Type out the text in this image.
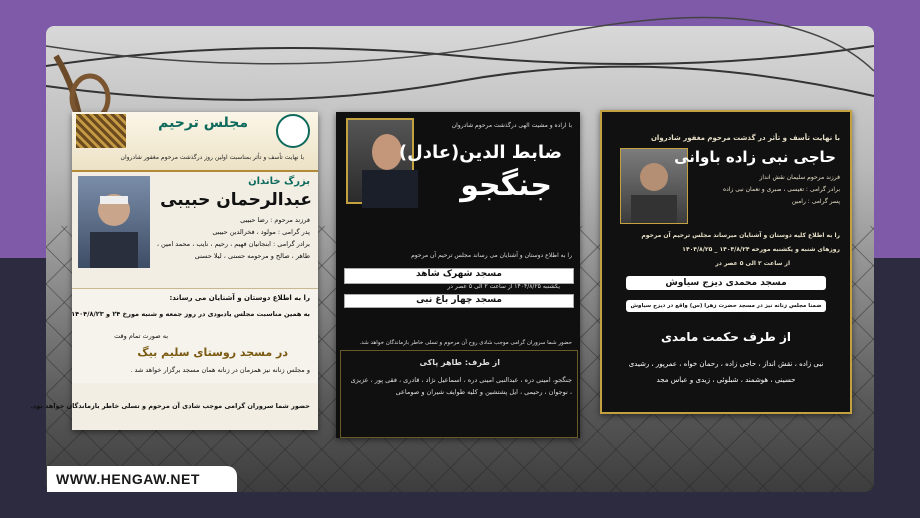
مجلس ترحیم
با نهایت تأسف و تأثر بمناسبت اولین روز درگذشت مرحوم مغفور شادروان
بزرگ خاندان
عبدالرحمان حبیبی
فرزند مرحوم : رضا حبیبی
پدر گرامی : مولود ، فخرالدین حبیبی
برادر گرامی : ابنجانیان فهیم ، رحیم ، نایب ، محمد امین ،
طاهر ، صالح و مرحومه حسنی ، لیلا حسنی
را به اطلاع دوستان و آشنایان می رساند:
به همین مناسبت مجلس یادبودی در روز جمعه و شنبه مورخ ۲۴ و ۱۴۰۴/۸/۲۳
به صورت تمام وقت
در مسجد روستای سلیم بیگ
و مجلس زنانه نیز همزمان در زنانه همان مسجد برگزار خواهد شد .
حضور شما سروران گرامی موجب شادی آن مرحوم و تسلی خاطر بازماندگان خواهد بود.
با اراده و مشیت الهی درگذشت مرحوم شادروان
ضابط الدین(عادل)
جنگجو
را به اطلاع دوستان و آشنایان می رساند مجلس ترحیم آن مرحوم
مسجد شهرک شاهد
یکشنبه ۱۴۰۴/۸/۲۵ از ساعت ۲ الی ۵ عصر در
مسجد چهار باغ نبی
حضور شما سروران گرامی موجب شادی روح آن مرحوم و تسلی خاطر بازماندگان خواهد شد.
از طرف: طاهر پاکی
جنگجو، امینی دره ، عبدالنبی امینی دره ، اسماعیل نژاد ، قادری ، فقی پور ، عزیزی ، نوجوان ، رحیمی ، ایل پشتشین و کلیه طوایف شیران و صوماعی
با نهایت تأسف و تأثر در گذشت مرحوم مغفور شادروان
حاجی نبی زاده باوانی
فرزند مرحوم سلیمان نقش انداز
برادر گرامی : تعیسی ، صبری و نعمان نبی زاده
پسر گرامی : رامین
را به اطلاع کلیه دوستان و آشنایان میرساند مجلس ترحیم آن مرحوم
روزهای شنبه و یکشنبه مورخه ۱۴۰۴/۸/۲۴ _ ۱۴۰۴/۸/۲۵
از ساعت ۲ الی ۵ عصر در
مسجد محمدی دیزج سیاوش
ضمنا مجلس زنانه نیز در مسجد حضرت زهرا (س) واقع در دیزج سیاوش برگزار میگردد
از طرف حکمت مامدی
نبی زاده ، نقش انداز ، حاجی زاده ، رحمان خواه ، عمرپور ، رشیدی
حسینی ، هوشمند ، شبلوئی ، زیدی و عباس مجد
WWW.HENGAW.NET
